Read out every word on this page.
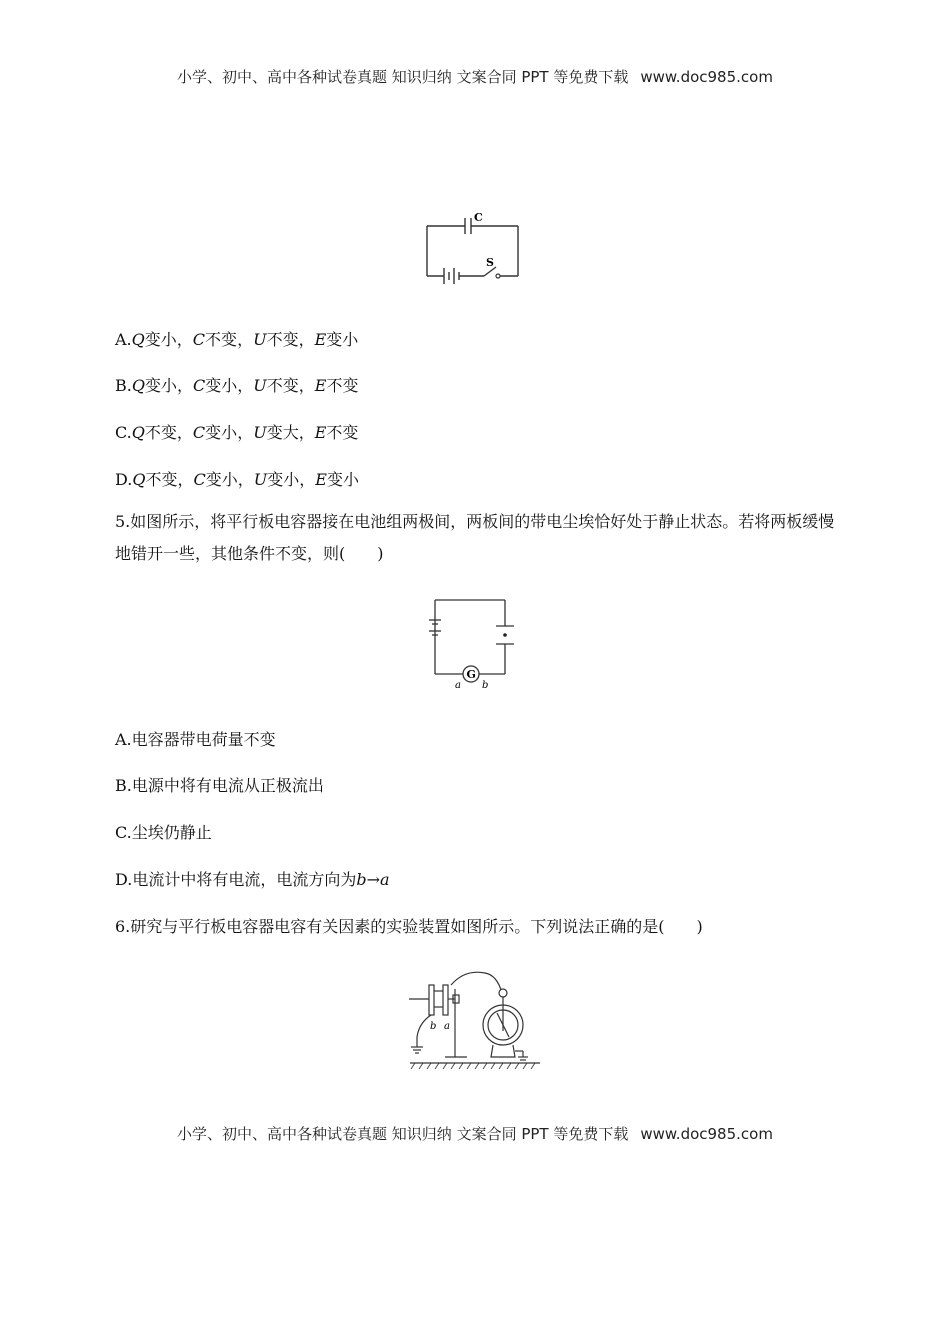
小学、初中、高中各种试卷真题 知识归纳 文案合同 PPT 等免费下载 www.doc985.com
C
S
A.Q变小，C不变，U不变，E变小
B.Q变小，C变小，U不变，E不变
C.Q不变，C变小，U变大，E不变
D.Q不变，C变小，U变小，E变小
5.如图所示，将平行板电容器接在电池组两极间，两板间的带电尘埃恰好处于静止状态。若将两板缓慢地错开一些，其他条件不变，则(　　)
G
a b
A.电容器带电荷量不变
B.电源中将有电流从正极流出
C.尘埃仍静止
D.电流计中将有电流，电流方向为b→a
6.研究与平行板电容器电容有关因素的实验装置如图所示。下列说法正确的是(　　)
b a
小学、初中、高中各种试卷真题 知识归纳 文案合同 PPT 等免费下载 www.doc985.com
